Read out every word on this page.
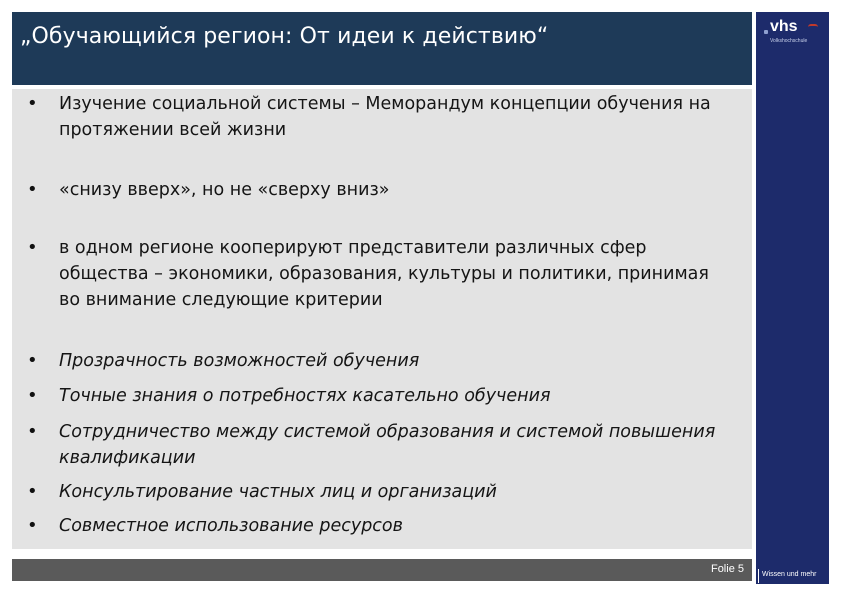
„Обучающийся регион: От идеи к действию“	vhs
Volkshochschule
Wissen und mehr
• Изучение социальной системы – Меморандум концепции обучения на протяжении всей жизни
• «снизу вверх», но не «сверху вниз»
• в одном регионе кооперируют представители различных сфер общества – экономики, образования, культуры и политики, принимая во внимание следующие критерии
• Прозрачность возможностей обучения
• Точные знания о потребностях касательно обучения
• Сотрудничество между системой образования и системой повышения квалификации
• Консультирование частных лиц и организаций
• Совместное использование ресурсов
Folie 5
